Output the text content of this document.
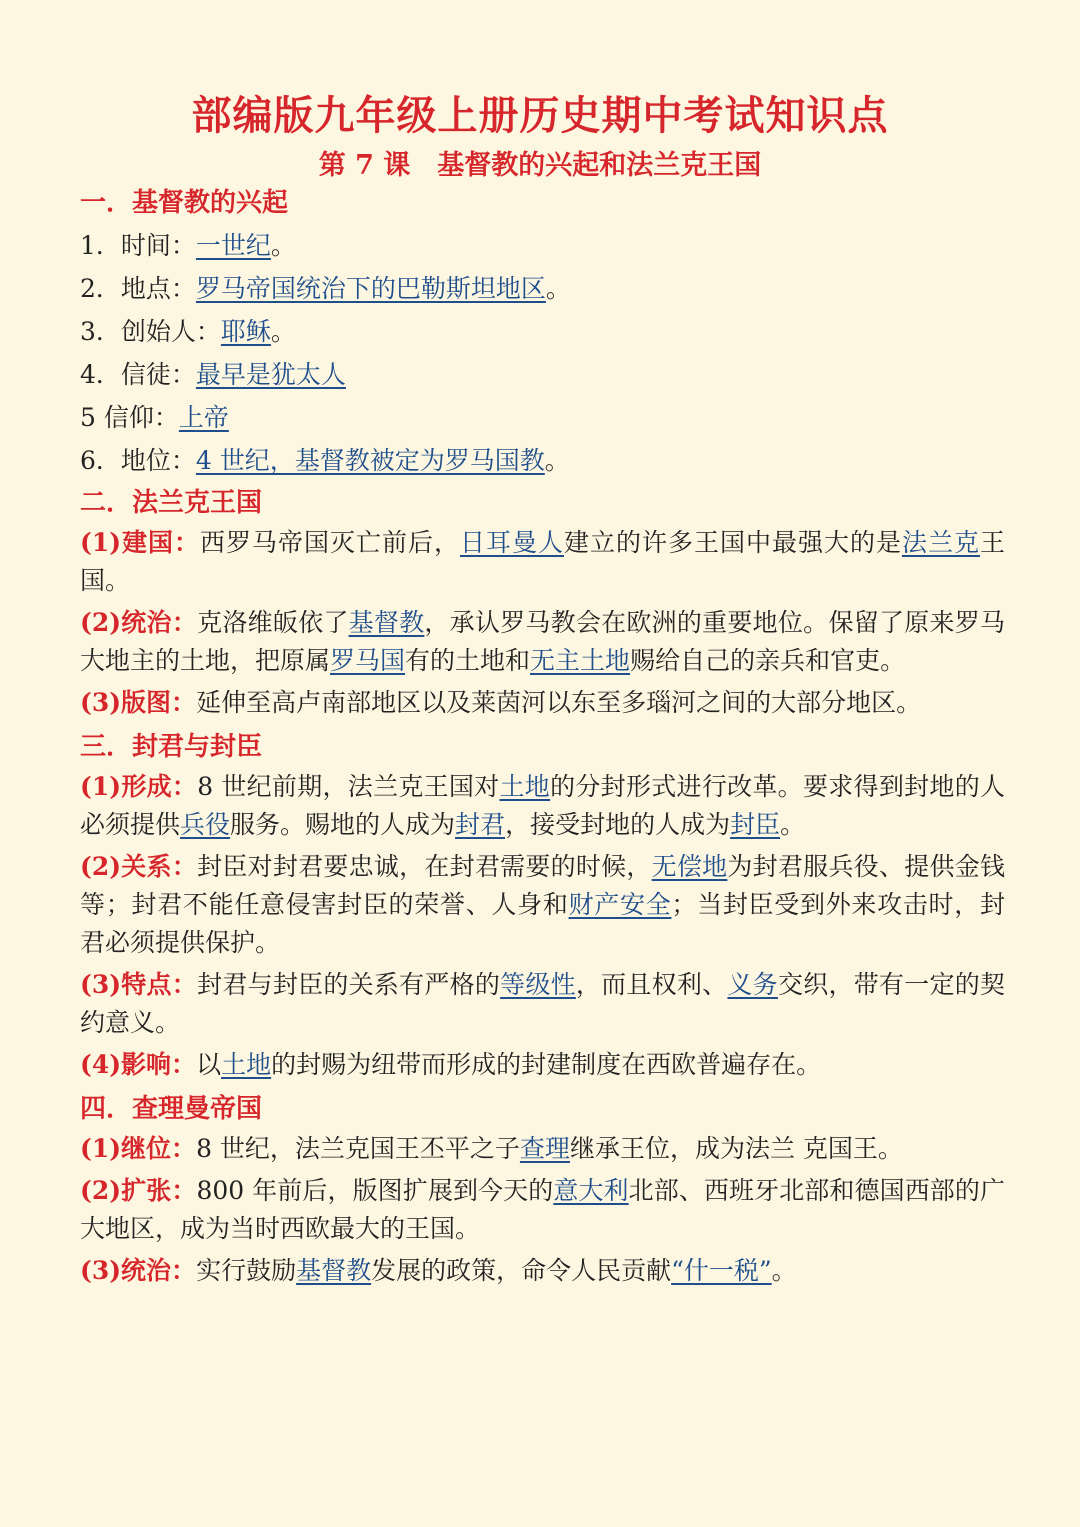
部编版九年级上册历史期中考试知识点
第 7 课　基督教的兴起和法兰克王国

一．基督教的兴起

1．时间：一世纪。

2．地点：罗马帝国统治下的巴勒斯坦地区。

3．创始人：耶稣。

4．信徒：最早是犹太人

5 信仰：上帝

6．地位：4 世纪，基督教被定为罗马国教。

二．法兰克王国

(1)建国：西罗马帝国灭亡前后，日耳曼人建立的许多王国中最强大的是法兰克王国。

(2)统治：克洛维皈依了基督教，承认罗马教会在欧洲的重要地位。保留了原来罗马大地主的土地，把原属罗马国有的土地和无主土地赐给自己的亲兵和官吏。

(3)版图：延伸至高卢南部地区以及莱茵河以东至多瑙河之间的大部分地区。

三．封君与封臣

(1)形成：8 世纪前期，法兰克王国对土地的分封形式进行改革。要求得到封地的人必须提供兵役服务。赐地的人成为封君，接受封地的人成为封臣。

(2)关系：封臣对封君要忠诚，在封君需要的时候，无偿地为封君服兵役、提供金钱等；封君不能任意侵害封臣的荣誉、人身和财产安全；当封臣受到外来攻击时，封君必须提供保护。

(3)特点：封君与封臣的关系有严格的等级性，而且权利、义务交织，带有一定的契约意义。

(4)影响：以土地的封赐为纽带而形成的封建制度在西欧普遍存在。

四．查理曼帝国

(1)继位：8 世纪，法兰克国王丕平之子查理继承王位，成为法兰 克国王。

(2)扩张：800 年前后，版图扩展到今天的意大利北部、西班牙北部和德国西部的广大地区，成为当时西欧最大的王国。

(3)统治：实行鼓励基督教发展的政策，命令人民贡献“什一税”。
